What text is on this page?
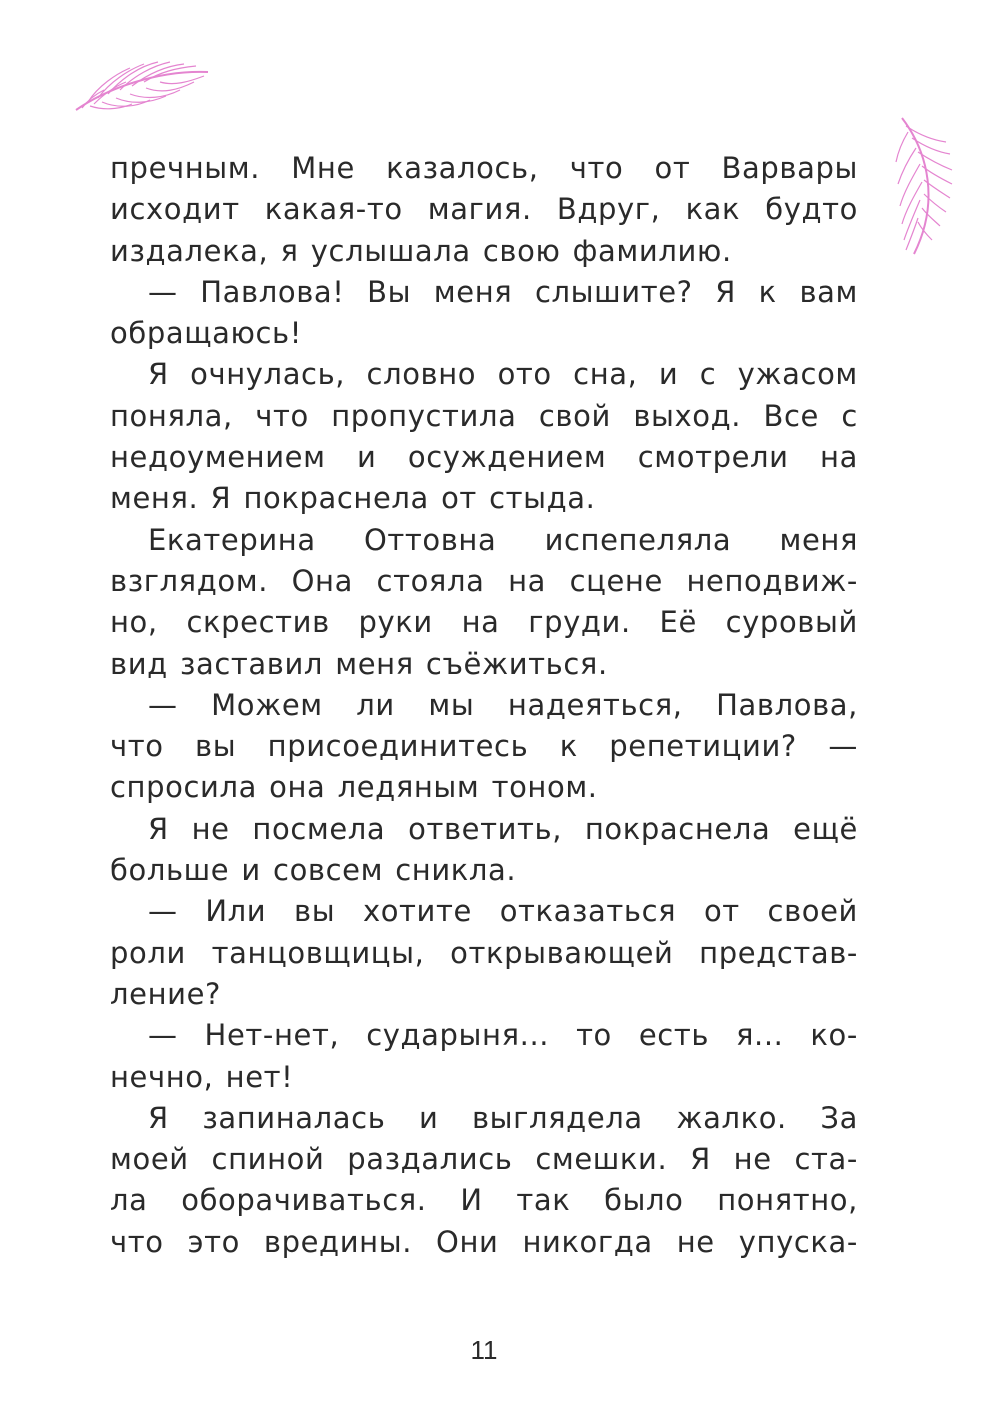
пречным. Мне казалось, что от Варвары
исходит какая-то магия. Вдруг, как будто
издалека, я услышала свою фамилию.
— Павлова! Вы меня слышите? Я к вам
обращаюсь!
Я очнулась, словно ото сна, и с ужасом
поняла, что пропустила свой выход. Все с
недоумением и осуждением смотрели на
меня. Я покраснела от стыда.
Екатерина Оттовна испепеляла меня
взглядом. Она стояла на сцене неподвиж-
но, скрестив руки на груди. Её суровый
вид заставил меня съёжиться.
— Можем ли мы надеяться, Павлова,
что вы присоединитесь к репетиции? —
спросила она ледяным тоном.
Я не посмела ответить, покраснела ещё
больше и совсем сникла.
— Или вы хотите отказаться от своей
роли танцовщицы, открывающей представ-
ление?
— Нет-нет, сударыня... то есть я... ко-
нечно, нет!
Я запиналась и выглядела жалко. За
моей спиной раздались смешки. Я не ста-
ла оборачиваться. И так было понятно,
что это вредины. Они никогда не упуска-
11
